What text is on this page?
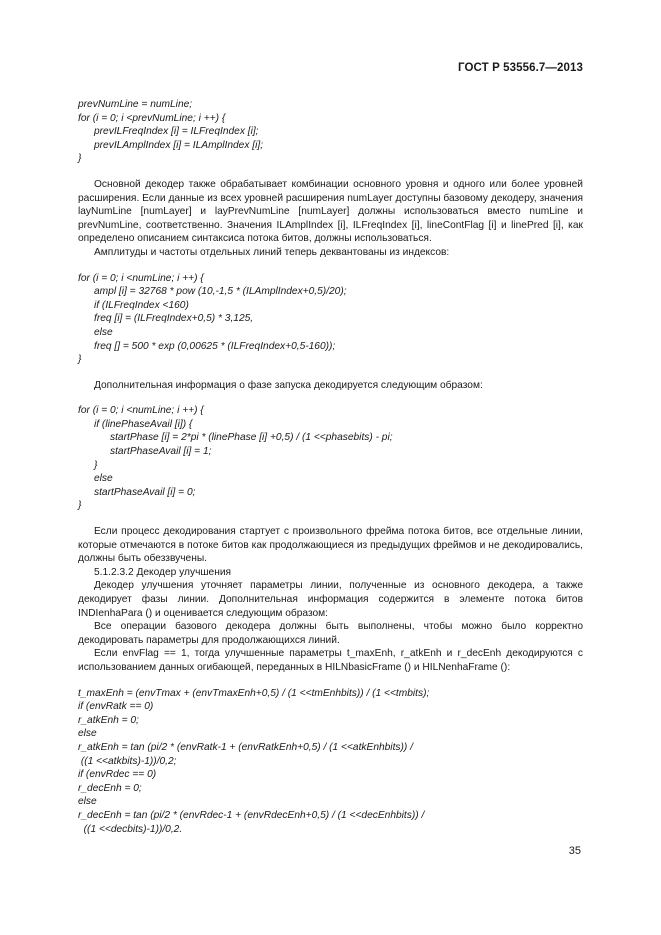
ГОСТ Р 53556.7—2013
prevNumLine = numLine;
for (i = 0; i <prevNumLine; i ++) {
prevILFreqIndex [i] = ILFreqIndex [i];
prevILAmplIndex [i] = ILAmplIndex [i];
}

Основной декодер также обрабатывает комбинации основного уровня и одного или более уровней расширения. Если данные из всех уровней расширения numLayer доступны базовому декодеру, значения layNumLine [numLayer] и layPrevNumLine [numLayer] должны использоваться вместо numLine и prevNumLine, соответственно. Значения ILAmplIndex [i], ILFreqIndex [i], lineContFlag [i] и linePred [i], как определено описанием синтаксиса потока битов, должны использоваться.

Амплитуды и частоты отдельных линий теперь деквантованы из индексов:

for (i = 0; i <numLine; i ++) {
ampl [i] = 32768 * pow (10,-1,5 * (ILAmplIndex+0,5)/20);
if (ILFreqIndex <160)
freq [i] = (ILFreqIndex+0,5) * 3,125,
else
freq [] = 500 * exp (0,00625 * (ILFreqIndex+0,5-160));
}

Дополнительная информация о фазе запуска декодируется следующим образом:

for (i = 0; i <numLine; i ++) {
if (linePhaseAvail [i]) {
startPhase [i] = 2*pi * (linePhase [i] +0,5) / (1 <<phasebits) - pi;
startPhaseAvail [i] = 1;
}
else
startPhaseAvail [i] = 0;
}

Если процесс декодирования стартует с произвольного фрейма потока битов, все отдельные линии, которые отмечаются в потоке битов как продолжающиеся из предыдущих фреймов и не декодировались, должны быть обеззвучены.

5.1.2.3.2 Декодер улучшения

Декодер улучшения уточняет параметры линии, полученные из основного декодера, а также декодирует фазы линии. Дополнительная информация содержится в элементе потока битов INDIenhaPara () и оценивается следующим образом:

Все операции базового декодера должны быть выполнены, чтобы можно было корректно декодировать параметры для продолжающихся линий.

Если envFlag == 1, тогда улучшенные параметры t_maxEnh, r_atkEnh и r_decEnh декодируются с использованием данных огибающей, переданных в HILNbasicFrame () и HILNenhaFrame ():

t_maxEnh = (envTmax + (envTmaxEnh+0,5) / (1 <<tmEnhbits)) / (1 <<tmbits);
if (envRatk == 0)
r_atkEnh = 0;
else
r_atkEnh = tan (pi/2 * (envRatk-1 + (envRatkEnh+0,5) / (1 <<atkEnhbits)) /
((1 <<atkbits)-1))/0,2;
if (envRdec == 0)
r_decEnh = 0;
else
r_decEnh = tan (pi/2 * (envRdec-1 + (envRdecEnh+0,5) / (1 <<decEnhbits)) /
((1 <<decbits)-1))/0,2.
35
